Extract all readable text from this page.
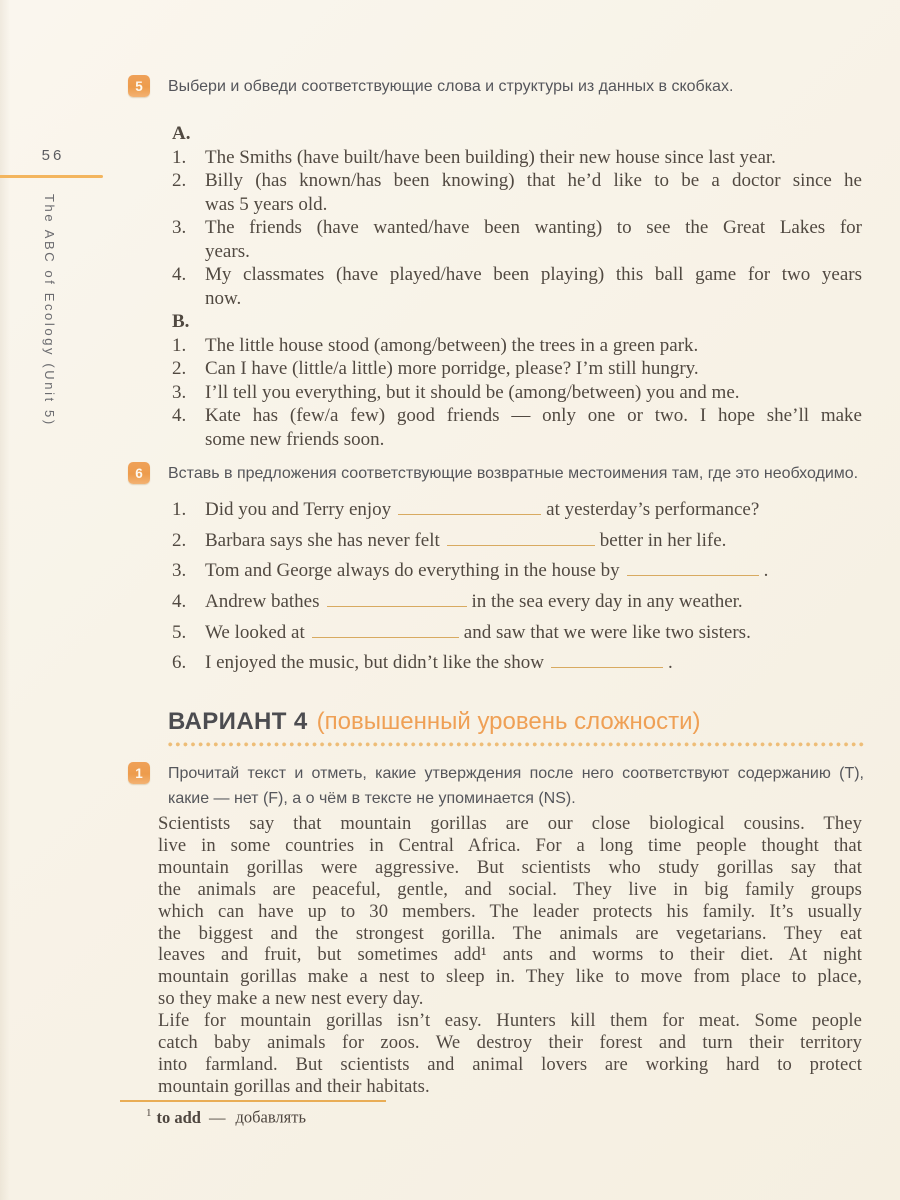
56
The ABC of Ecology (Unit 5)
5	Выбери и обведи соответствующие слова и структуры из данных в скобках.

A.
1. The Smiths (have built/have been building) their new house since last year.
2. Billy (has known/has been knowing) that he’d like to be a doctor since he
was 5 years old.
3. The friends (have wanted/have been wanting) to see the Great Lakes for
years.
4. My classmates (have played/have been playing) this ball game for two years
now.
B.
1. The little house stood (among/between) the trees in a green park.
2. Can I have (little/a little) more porridge, please? I’m still hungry.
3. I’ll tell you everything, but it should be (among/between) you and me.
4. Kate has (few/a few) good friends — only one or two. I hope she’ll make
some new friends soon.
6	Вставь в предложения соответствующие возвратные местоимения там, где это необходимо.

1. Did you and Terry enjoy	at yesterday’s performance?
2. Barbara says she has never felt	better in her life.
3. Tom and George always do everything in the house by	.
4. Andrew bathes	in the sea every day in any weather.
5. We looked at	and saw that we were like two sisters.
6. I enjoyed the music, but didn’t like the show	.
ВАРИАНТ 4 (повышенный уровень сложности)
1	Прочитай текст и отметь, какие утверждения после него соответствуют содержанию (T),
какие — нет (F), а о чём в тексте не упоминается (NS).
Scientists say that mountain gorillas are our close biological cousins. They
live in some countries in Central Africa. For a long time people thought that
mountain gorillas were aggressive. But scientists who study gorillas say that
the animals are peaceful, gentle, and social. They live in big family groups
which can have up to 30 members. The leader protects his family. It’s usually
the biggest and the strongest gorilla. The animals are vegetarians. They eat
leaves and fruit, but sometimes add¹ ants and worms to their diet. At night
mountain gorillas make a nest to sleep in. They like to move from place to place,
so they make a new nest every day.
Life for mountain gorillas isn’t easy. Hunters kill them for meat. Some people
catch baby animals for zoos. We destroy their forest and turn their territory
into farmland. But scientists and animal lovers are working hard to protect
mountain gorillas and their habitats.
$^1$ to add — добавлять
